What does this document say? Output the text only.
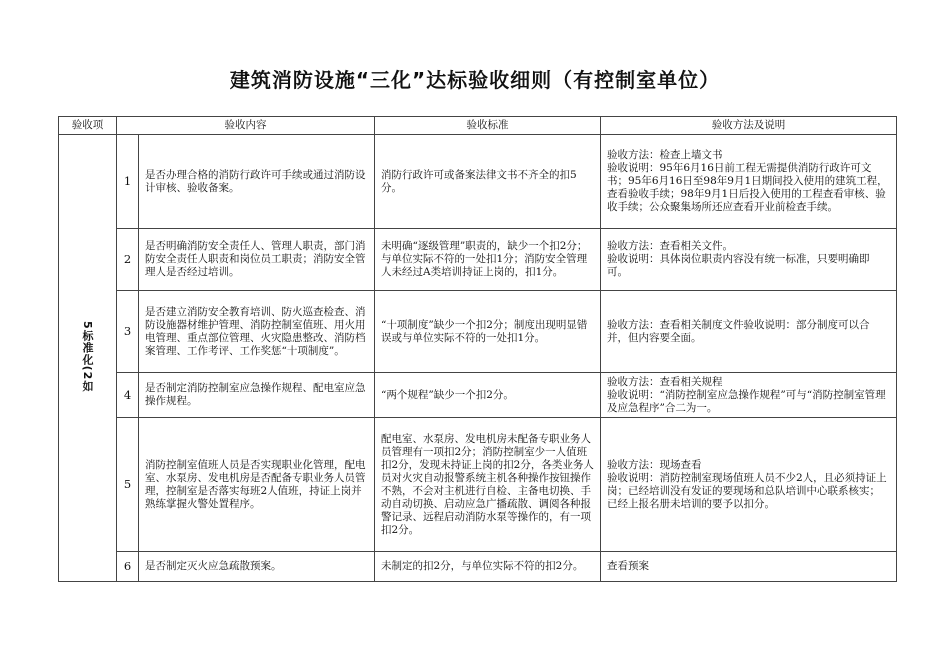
建筑消防设施“三化”达标验收细则（有控制室单位）
验收项	验收内容		验收标准	验收方法及说明
5标准化(2如	1	是否办理合格的消防行政许可手续或通过消防设计审核、验收备案。	消防行政许可或备案法律文书不齐全的扣5分。	验收方法：检查上墙文书
验收说明：95年6月16日前工程无需提供消防行政许可文书；95年6月16日至98年9月1日期间投入使用的建筑工程，查看验收手续；98年9月1日后投入使用的工程查看审核、验收手续；公众聚集场所还应查看开业前检查手续。
	2	是否明确消防安全责任人、管理人职责，部门消防安全责任人职责和岗位员工职责；消防安全管理人是否经过培训。	未明确“逐级管理”职责的，缺少一个扣2分；与单位实际不符的一处扣1分；消防安全管理人未经过A类培训持证上岗的，扣1分。	验收方法：查看相关文件。
验收说明：具体岗位职责内容没有统一标准，只要明确即可。
	3	是否建立消防安全教育培训、防火巡查检查、消防设施器材维护管理、消防控制室值班、用火用电管理、重点部位管理、火灾隐患整改、消防档案管理、工作考评、工作奖惩“十项制度”。	“十项制度”缺少一个扣2分；制度出现明显错误或与单位实际不符的一处扣1分。	验收方法：查看相关制度文件验收说明：部分制度可以合并，但内容要全面。
	4	是否制定消防控制室应急操作规程、配电室应急操作规程。	“两个规程”缺少一个扣2分。	验收方法：查看相关规程
验收说明：“消防控制室应急操作规程”可与“消防控制室管理及应急程序”合二为一。
	5	消防控制室值班人员是否实现职业化管理，配电室、水泵房、发电机房是否配备专职业务人员管理，控制室是否落实每班2人值班，持证上岗并熟练掌握火警处置程序。	配电室、水泵房、发电机房未配备专职业务人员管理有一项扣2分；消防控制室少一人值班扣2分，发现未持证上岗的扣2分，各类业务人员对火灾自动报警系统主机各种操作按钮操作不熟，不会对主机进行自检、主备电切换、手动自动切换、启动应急广播疏散、调阅各种报警记录、远程启动消防水泵等操作的，有一项扣2分。	验收方法：现场查看
验收说明：消防控制室现场值班人员不少2人，且必须持证上岗；已经培训没有发证的要现场和总队培训中心联系核实；已经上报名册未培训的要予以扣分。
	6	是否制定灭火应急疏散预案。	未制定的扣2分，与单位实际不符的扣2分。	查看预案
